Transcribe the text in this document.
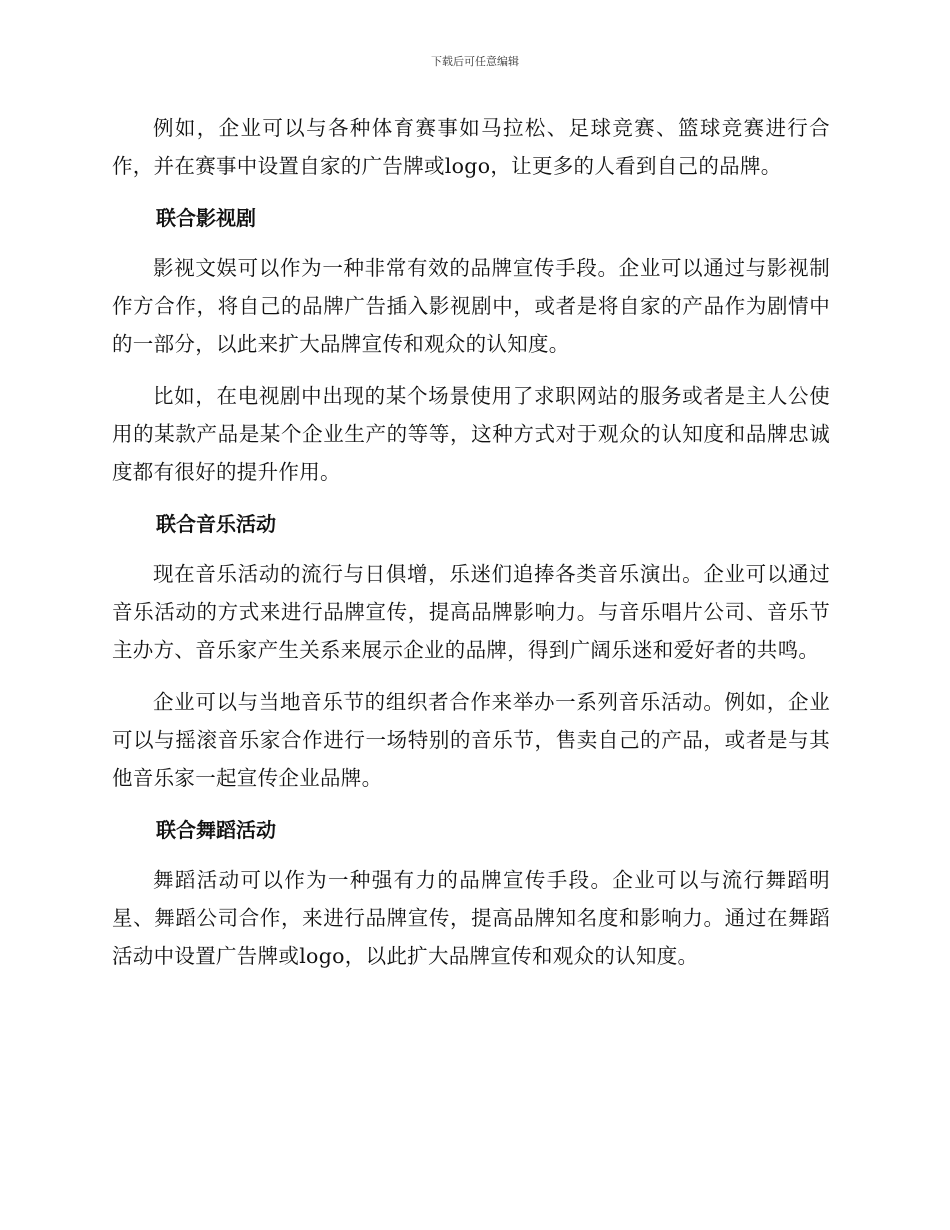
下载后可任意编辑

例如，企业可以与各种体育赛事如马拉松、足球竞赛、篮球竞赛进行合作，并在赛事中设置自家的广告牌或logo，让更多的人看到自己的品牌。

联合影视剧

影视文娱可以作为一种非常有效的品牌宣传手段。企业可以通过与影视制作方合作，将自己的品牌广告插入影视剧中，或者是将自家的产品作为剧情中的一部分，以此来扩大品牌宣传和观众的认知度。

比如，在电视剧中出现的某个场景使用了求职网站的服务或者是主人公使用的某款产品是某个企业生产的等等，这种方式对于观众的认知度和品牌忠诚度都有很好的提升作用。

联合音乐活动

现在音乐活动的流行与日俱增，乐迷们追捧各类音乐演出。企业可以通过音乐活动的方式来进行品牌宣传，提高品牌影响力。与音乐唱片公司、音乐节主办方、音乐家产生关系来展示企业的品牌，得到广阔乐迷和爱好者的共鸣。

企业可以与当地音乐节的组织者合作来举办一系列音乐活动。例如，企业可以与摇滚音乐家合作进行一场特别的音乐节，售卖自己的产品，或者是与其他音乐家一起宣传企业品牌。

联合舞蹈活动

舞蹈活动可以作为一种强有力的品牌宣传手段。企业可以与流行舞蹈明星、舞蹈公司合作，来进行品牌宣传，提高品牌知名度和影响力。通过在舞蹈活动中设置广告牌或logo，以此扩大品牌宣传和观众的认知度。
